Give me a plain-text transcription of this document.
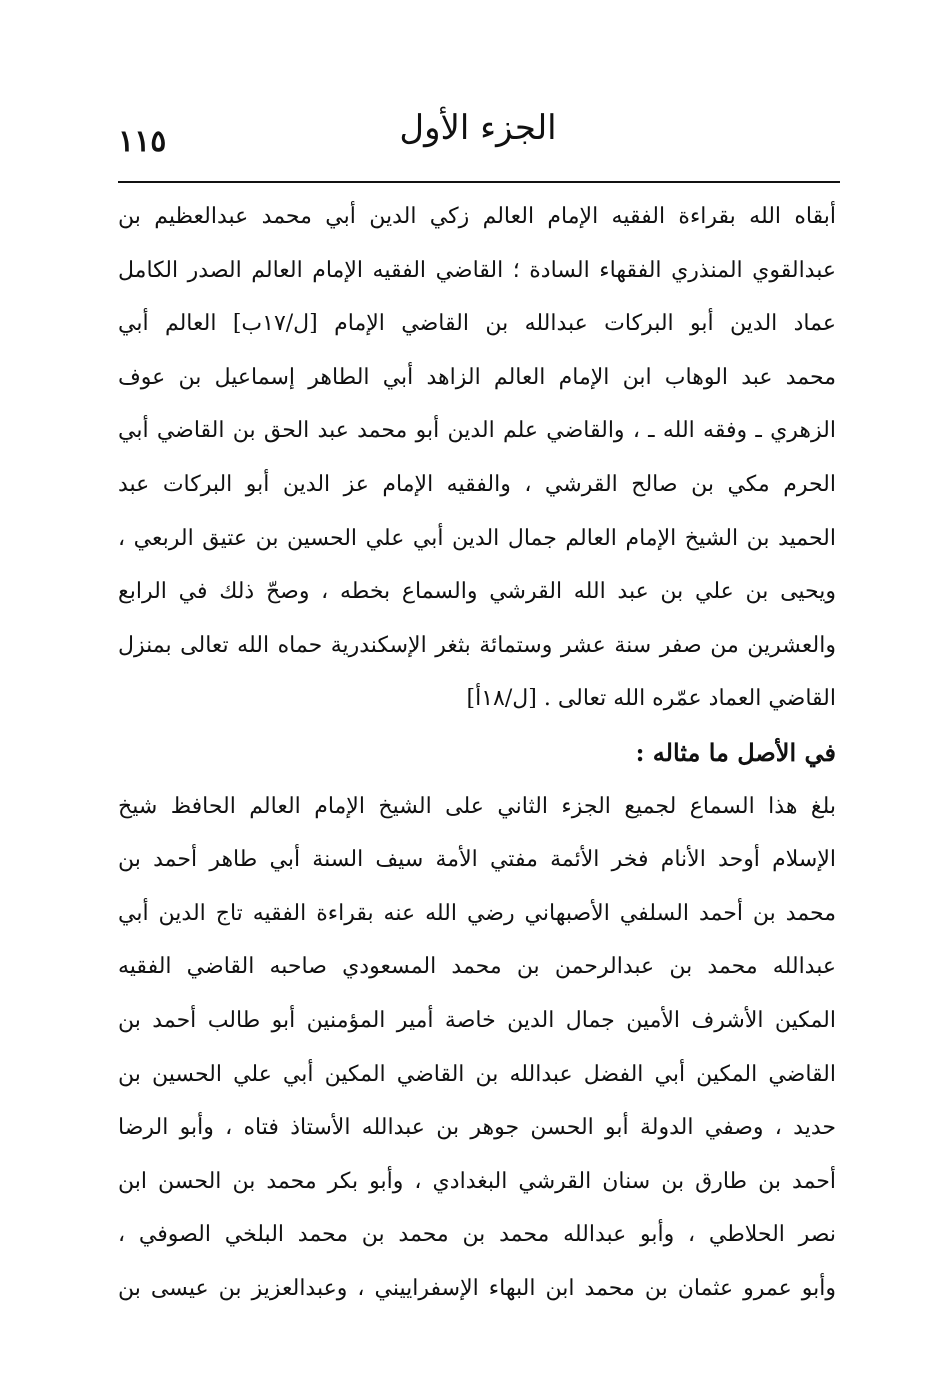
١١٥	الجزء الأول
أبقاه الله بقراءة الفقيه الإمام العالم زكي الدين أبي محمد عبدالعظيم بن
عبدالقوي المنذري الفقهاء السادة ؛ القاضي الفقيه الإمام العالم الصدر الكامل
عماد الدين أبو البركات عبدالله بن القاضي الإمام [ل/١٧ب] العالم أبي
محمد عبد الوهاب ابن الإمام العالم الزاهد أبي الطاهر إسماعيل بن عوف
الزهري ـ وفقه الله ـ ، والقاضي علم الدين أبو محمد عبد الحق بن القاضي أبي
الحرم مكي بن صالح القرشي ، والفقيه الإمام عز الدين أبو البركات عبد
الحميد بن الشيخ الإمام العالم جمال الدين أبي علي الحسين بن عتيق الربعي ،
ويحيى بن علي بن عبد الله القرشي والسماع بخطه ، وصحّ ذلك في الرابع
والعشرين من صفر سنة عشر وستمائة بثغر الإسكندرية حماه الله تعالى بمنزل
القاضي العماد عمّره الله تعالى . [ل/١٨أ]
في الأصل ما مثاله :
بلغ هذا السماع لجميع الجزء الثاني على الشيخ الإمام العالم الحافظ شيخ
الإسلام أوحد الأنام فخر الأئمة مفتي الأمة سيف السنة أبي طاهر أحمد بن
محمد بن أحمد السلفي الأصبهاني رضي الله عنه بقراءة الفقيه تاج الدين أبي
عبدالله محمد بن عبدالرحمن بن محمد المسعودي صاحبه القاضي الفقيه
المكين الأشرف الأمين جمال الدين خاصة أمير المؤمنين أبو طالب أحمد بن
القاضي المكين أبي الفضل عبدالله بن القاضي المكين أبي علي الحسين بن
حديد ، وصفي الدولة أبو الحسن جوهر بن عبدالله الأستاذ فتاه ، وأبو الرضا
أحمد بن طارق بن سنان القرشي البغدادي ، وأبو بكر محمد بن الحسن ابن
نصر الحلاطي ، وأبو عبدالله محمد بن محمد بن محمد البلخي الصوفي ،
وأبو عمرو عثمان بن محمد ابن البهاء الإسفراييني ، وعبدالعزيز بن عيسى بن
